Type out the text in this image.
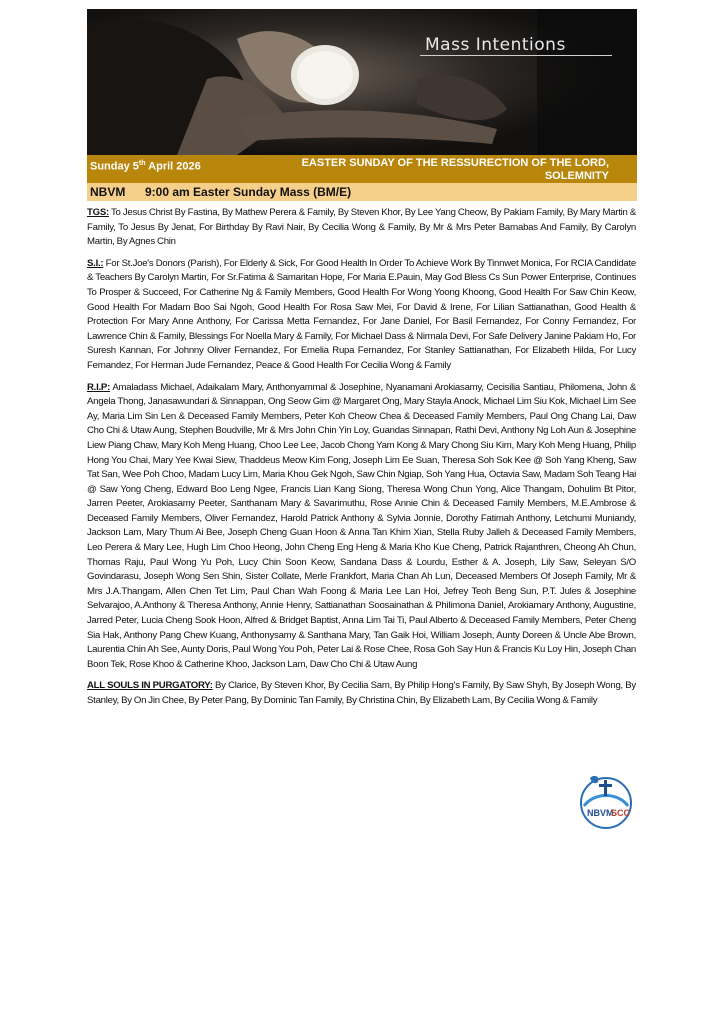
Mass Intentions
Sunday 5th April 2026	EASTER SUNDAY OF THE RESSURECTION OF THE LORD, SOLEMNITY
NBVM 9:00 am Easter Sunday Mass (BM/E)

TGS: To Jesus Christ By Fastina, By Mathew Perera & Family, By Steven Khor, By Lee Yang Cheow, By Pakiam Family, By Mary Martin & Family, To Jesus By Jenat, For Birthday By Ravi Nair, By Cecilia Wong & Family, By Mr & Mrs Peter Barnabas And Family, By Carolyn Martin, By Agnes Chin

S.I.: For St.Joe's Donors (Parish), For Elderly & Sick, For Good Health In Order To Achieve Work By Tinnwet Monica, For RCIA Candidate & Teachers By Carolyn Martin, For Sr.Fatima & Samaritan Hope, For Maria E.Pauin, May God Bless Cs Sun Power Enterprise, Continues To Prosper & Succeed, For Catherine Ng & Family Members, Good Health For Wong Yoong Khoong, Good Health For Saw Chin Keow, Good Health For Madam Boo Sai Ngoh, Good Health For Rosa Saw Mei, For David & Irene, For Lilian Sattianathan, Good Health & Protection For Mary Anne Anthony, For Carissa Metta Fernandez, For Jane Daniel, For Basil Fernandez, For Conny Fernandez, For Lawrence Chin & Family, Blessings For Noella Mary & Family, For Michael Dass & Nirmala Devi, For Safe Delivery Janine Pakiam Ho, For Suresh Kannan, For Johnny Oliver Fernandez, For Emelia Rupa Fernandez, For Stanley Sattianathan, For Elizabeth Hilda, For Lucy Fernandez, For Herman Jude Fernandez, Peace & Good Health For Cecilia Wong & Family

R.I.P: Amaladass Michael, Adaikalam Mary, Anthonyammal & Josephine, Nyanamani Arokiasamy, Cecisilia Santiau, Philomena, John & Angela Thong, Janasawundari & Sinnappan, Ong Seow Gim @ Margaret Ong, Mary Stayla Anock, Michael Lim Siu Kok, Michael Lim See Ay, Maria Lim Sin Len & Deceased Family Members, Peter Koh Cheow Chea & Deceased Family Members, Paul Ong Chang Lai, Daw Cho Chi & Utaw Aung, Stephen Boudville, Mr & Mrs John Chin Yin Loy, Guandas Sinnapan, Rathi Devi, Anthony Ng Loh Aun & Josephine Liew Piang Chaw, Mary Koh Meng Huang, Choo Lee Lee, Jacob Chong Yam Kong & Mary Chong Siu Kim, Mary Koh Meng Huang, Philip Hong You Chai, Mary Yee Kwai Siew, Thaddeus Meow Kim Fong, Joseph Lim Ee Suan, Theresa Soh Sok Kee @ Soh Yang Kheng, Saw Tat San, Wee Poh Choo, Madam Lucy Lim, Maria Khou Gek Ngoh, Saw Chin Ngiap, Soh Yang Hua, Octavia Saw, Madam Soh Teang Hai @ Saw Yong Cheng, Edward Boo Leng Ngee, Francis Lian Kang Siong, Theresa Wong Chun Yong, Alice Thangam, Dohulim Bt Pitor, Jarren Peeter, Arokiasamy Peeter, Santhanam Mary & Savarimuthu, Rose Annie Chin & Deceased Family Members, M.E.Ambrose & Deceased Family Members, Oliver Fernandez, Harold Patrick Anthony & Sylvia Jonnie, Dorothy Fatimah Anthony, Letchumi Muniandy, Jackson Lam, Mary Thum Ai Bee, Joseph Cheng Guan Hoon & Anna Tan Khim Xian, Stella Ruby Jalleh & Deceased Family Members, Leo Perera & Mary Lee, Hugh Lim Choo Heong, John Cheng Eng Heng & Maria Kho Kue Cheng, Patrick Rajanthren, Cheong Ah Chun, Thomas Raju, Paul Wong Yu Poh, Lucy Chin Soon Keow, Sandana Dass & Lourdu, Esther & A. Joseph, Lily Saw, Seleyan S/O Govindarasu, Joseph Wong Sen Shin, Sister Collate, Merle Frankfort, Maria Chan Ah Lun, Deceased Members Of Joseph Family, Mr & Mrs J.A.Thangam, Allen Chen Tet Lim, Paul Chan Wah Foong & Maria Lee Lan Hoi, Jefrey Teoh Beng Sun, P.T. Jules & Josephine Selvarajoo, A.Anthony & Theresa Anthony, Annie Henry, Sattianathan Soosainathan & Philimona Daniel, Arokiamary Anthony, Augustine, Jarred Peter, Lucia Cheng Sook Hoon, Alfred & Bridget Baptist, Anna Lim Tai Ti, Paul Alberto & Deceased Family Members, Peter Cheng Sia Hak, Anthony Pang Chew Kuang, Anthonysamy & Santhana Mary, Tan Gaik Hoi, William Joseph, Aunty Doreen & Uncle Abe Brown, Laurentia Chin Ah See, Aunty Doris, Paul Wong You Poh, Peter Lai & Rose Chee, Rosa Goh Say Hun & Francis Ku Loy Hin, Joseph Chan Boon Tek, Rose Khoo & Catherine Khoo, Jackson Lam, Daw Cho Chi & Utaw Aung

ALL SOULS IN PURGATORY: By Clarice, By Steven Khor, By Cecilia Sam, By Philip Hong's Family, By Saw Shyh, By Joseph Wong, By Stanley, By On Jin Chee, By Peter Pang, By Dominic Tan Family, By Christina Chin, By Elizabeth Lam, By Cecilia Wong & Family

NBVM
SCC
